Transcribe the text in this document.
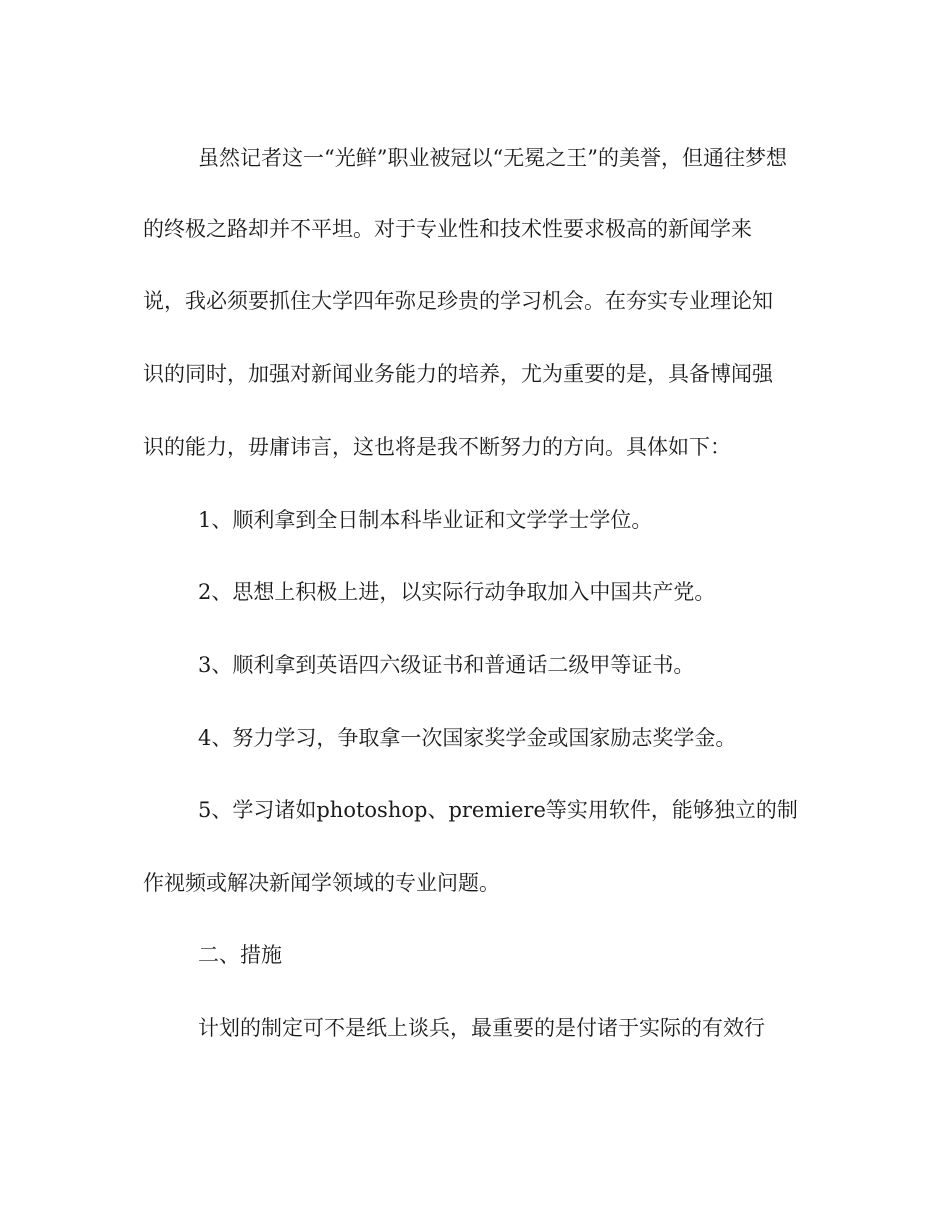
虽然记者这一“光鲜”职业被冠以“无冕之王”的美誉，但通往梦想
的终极之路却并不平坦。对于专业性和技术性要求极高的新闻学来
说，我必须要抓住大学四年弥足珍贵的学习机会。在夯实专业理论知
识的同时，加强对新闻业务能力的培养，尤为重要的是，具备博闻强
识的能力，毋庸讳言，这也将是我不断努力的方向。具体如下：
1、顺利拿到全日制本科毕业证和文学学士学位。
2、思想上积极上进，以实际行动争取加入中国共产党。
3、顺利拿到英语四六级证书和普通话二级甲等证书。
4、努力学习，争取拿一次国家奖学金或国家励志奖学金。
5、学习诸如photoshop、premiere等实用软件，能够独立的制
作视频或解决新闻学领域的专业问题。
二、措施
计划的制定可不是纸上谈兵，最重要的是付诸于实际的有效行
